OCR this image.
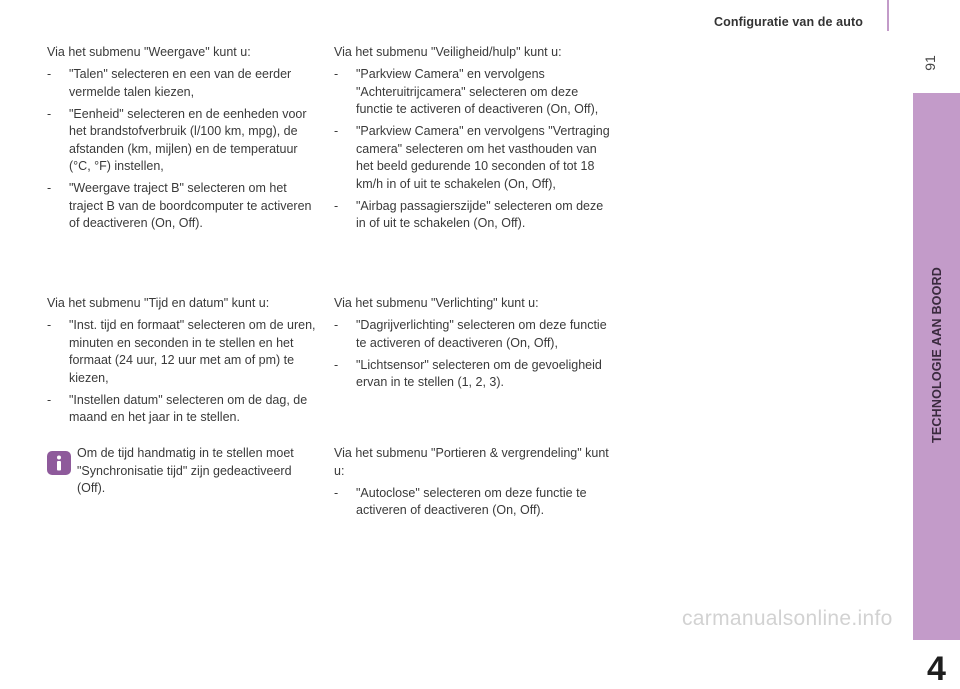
Configuratie van de auto
91
TECHNOLOGIE AAN BOORD
4

Via het submenu "Weergave" kunt u:

- "Talen" selecteren en een van de eerder vermelde talen kiezen,
- "Eenheid" selecteren en de eenheden voor het brandstofverbruik (l/100 km, mpg), de afstanden (km, mijlen) en de temperatuur (°C, °F) instellen,
- "Weergave traject B" selecteren om het traject B van de boordcomputer te activeren of deactiveren (On, Off).

Via het submenu "Tijd en datum" kunt u:

- "Inst. tijd en formaat" selecteren om de uren, minuten en seconden in te stellen en het formaat (24 uur, 12 uur met am of pm) te kiezen,
- "Instellen datum" selecteren om de dag, de maand en het jaar in te stellen.
Om de tijd handmatig in te stellen moet "Synchronisatie tijd" zijn gedeactiveerd (Off).

Via het submenu "Veiligheid/hulp" kunt u:

- "Parkview Camera" en vervolgens "Achteruitrijcamera" selecteren om deze functie te activeren of deactiveren (On, Off),
- "Parkview Camera" en vervolgens "Vertraging camera" selecteren om het vasthouden van het beeld gedurende 10 seconden of tot 18 km/h in of uit te schakelen (On, Off),
- "Airbag passagierszijde" selecteren om deze in of uit te schakelen (On, Off).

Via het submenu "Verlichting" kunt u:

- "Dagrijverlichting" selecteren om deze functie te activeren of deactiveren (On, Off),
- "Lichtsensor" selecteren om de gevoeligheid ervan in te stellen (1, 2, 3).

Via het submenu "Portieren & vergrendeling" kunt u:

- "Autoclose" selecteren om deze functie te activeren of deactiveren (On, Off).
carmanualsonline.info
